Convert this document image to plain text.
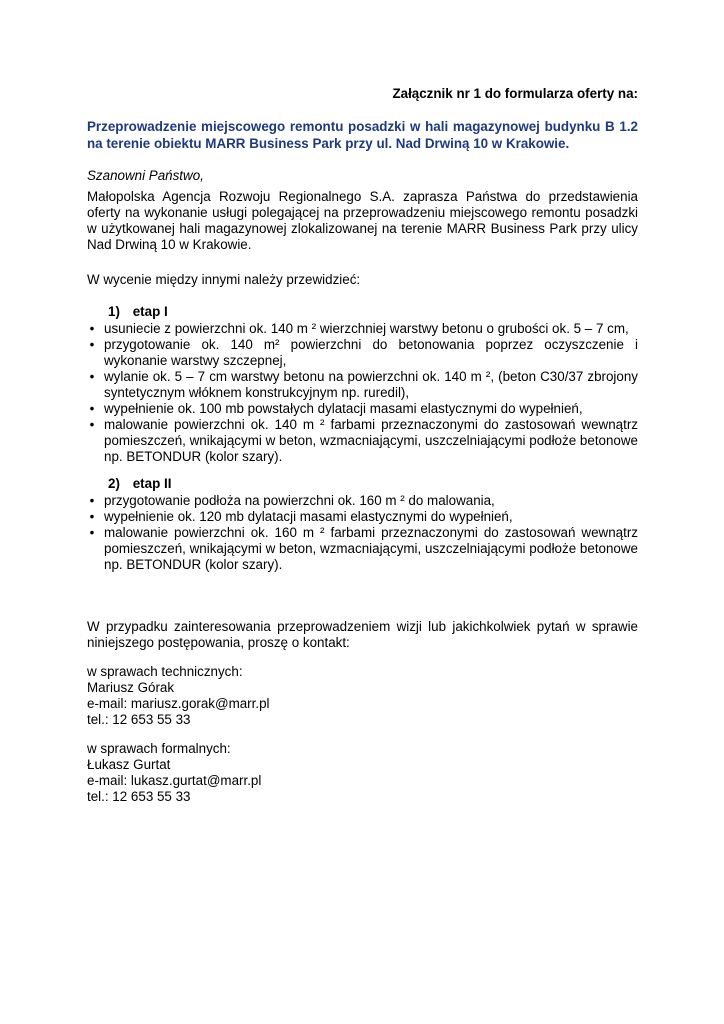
Załącznik nr 1 do formularza oferty na:
Przeprowadzenie miejscowego remontu posadzki w hali magazynowej budynku B 1.2 na terenie obiektu MARR Business Park przy ul. Nad Drwiną 10 w Krakowie.
Szanowni Państwo,
Małopolska Agencja Rozwoju Regionalnego S.A. zaprasza Państwa do przedstawienia oferty na wykonanie usługi polegającej na przeprowadzeniu miejscowego remontu posadzki w użytkowanej hali magazynowej zlokalizowanej na terenie MARR Business Park przy ulicy Nad Drwiną 10 w Krakowie.
W wycenie między innymi należy przewidzieć:
1) etap I
• usuniecie z powierzchni ok. 140 m ² wierzchniej warstwy betonu o grubości ok. 5 – 7 cm,
• przygotowanie ok. 140 m² powierzchni do betonowania poprzez oczyszczenie i wykonanie warstwy szczepnej,
• wylanie ok. 5 – 7 cm warstwy betonu na powierzchni ok. 140 m ², (beton C30/37 zbrojony syntetycznym włóknem konstrukcyjnym np. ruredil),
• wypełnienie ok. 100 mb powstałych dylatacji masami elastycznymi do wypełnień,
• malowanie powierzchni ok. 140 m ² farbami przeznaczonymi do zastosowań wewnątrz pomieszczeń, wnikającymi w beton, wzmacniającymi, uszczelniającymi podłoże betonowe np. BETONDUR (kolor szary).
2) etap II
• przygotowanie podłoża na powierzchni ok. 160 m ² do malowania,
• wypełnienie ok. 120 mb dylatacji masami elastycznymi do wypełnień,
• malowanie powierzchni ok. 160 m ² farbami przeznaczonymi do zastosowań wewnątrz pomieszczeń, wnikającymi w beton, wzmacniającymi, uszczelniającymi podłoże betonowe np. BETONDUR (kolor szary).
W przypadku zainteresowania przeprowadzeniem wizji lub jakichkolwiek pytań w sprawie niniejszego postępowania, proszę o kontakt:
w sprawach technicznych:
Mariusz Górak
e-mail: mariusz.gorak@marr.pl
tel.: 12 653 55 33
w sprawach formalnych:
Łukasz Gurtat
e-mail: lukasz.gurtat@marr.pl
tel.: 12 653 55 33
